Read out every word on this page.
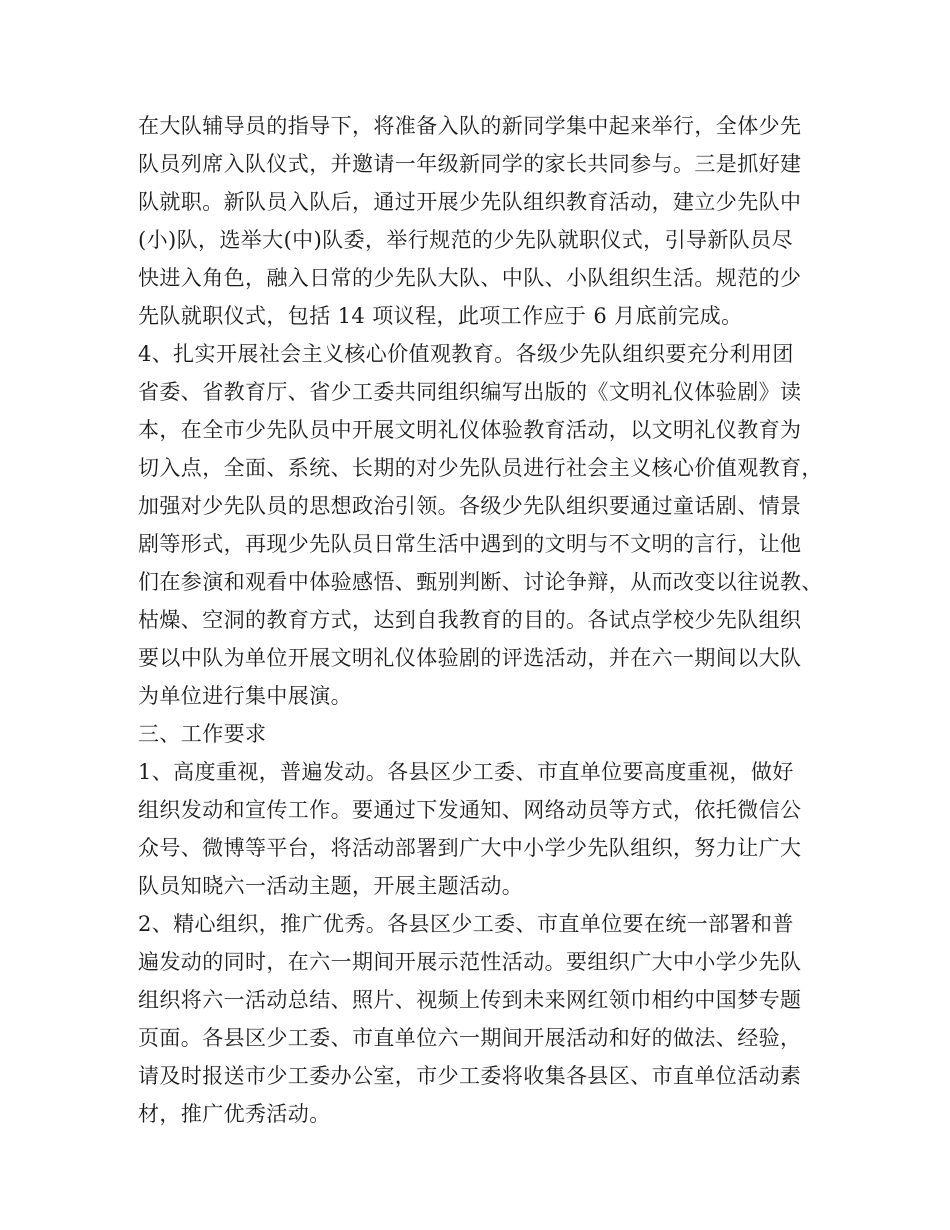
在大队辅导员的指导下，将准备入队的新同学集中起来举行，全体少先
队员列席入队仪式，并邀请一年级新同学的家长共同参与。三是抓好建
队就职。新队员入队后，通过开展少先队组织教育活动，建立少先队中
(小)队，选举大(中)队委，举行规范的少先队就职仪式，引导新队员尽
快进入角色，融入日常的少先队大队、中队、小队组织生活。规范的少
先队就职仪式，包括 14 项议程，此项工作应于 6 月底前完成。
4、扎实开展社会主义核心价值观教育。各级少先队组织要充分利用团
省委、省教育厅、省少工委共同组织编写出版的《文明礼仪体验剧》读
本，在全市少先队员中开展文明礼仪体验教育活动，以文明礼仪教育为
切入点，全面、系统、长期的对少先队员进行社会主义核心价值观教育，
加强对少先队员的思想政治引领。各级少先队组织要通过童话剧、情景
剧等形式，再现少先队员日常生活中遇到的文明与不文明的言行，让他
们在参演和观看中体验感悟、甄别判断、讨论争辩，从而改变以往说教、
枯燥、空洞的教育方式，达到自我教育的目的。各试点学校少先队组织
要以中队为单位开展文明礼仪体验剧的评选活动，并在六一期间以大队
为单位进行集中展演。
三、工作要求
1、高度重视，普遍发动。各县区少工委、市直单位要高度重视，做好
组织发动和宣传工作。要通过下发通知、网络动员等方式，依托微信公
众号、微博等平台，将活动部署到广大中小学少先队组织，努力让广大
队员知晓六一活动主题，开展主题活动。
2、精心组织，推广优秀。各县区少工委、市直单位要在统一部署和普
遍发动的同时，在六一期间开展示范性活动。要组织广大中小学少先队
组织将六一活动总结、照片、视频上传到未来网红领巾相约中国梦专题
页面。各县区少工委、市直单位六一期间开展活动和好的做法、经验，
请及时报送市少工委办公室，市少工委将收集各县区、市直单位活动素
材，推广优秀活动。
